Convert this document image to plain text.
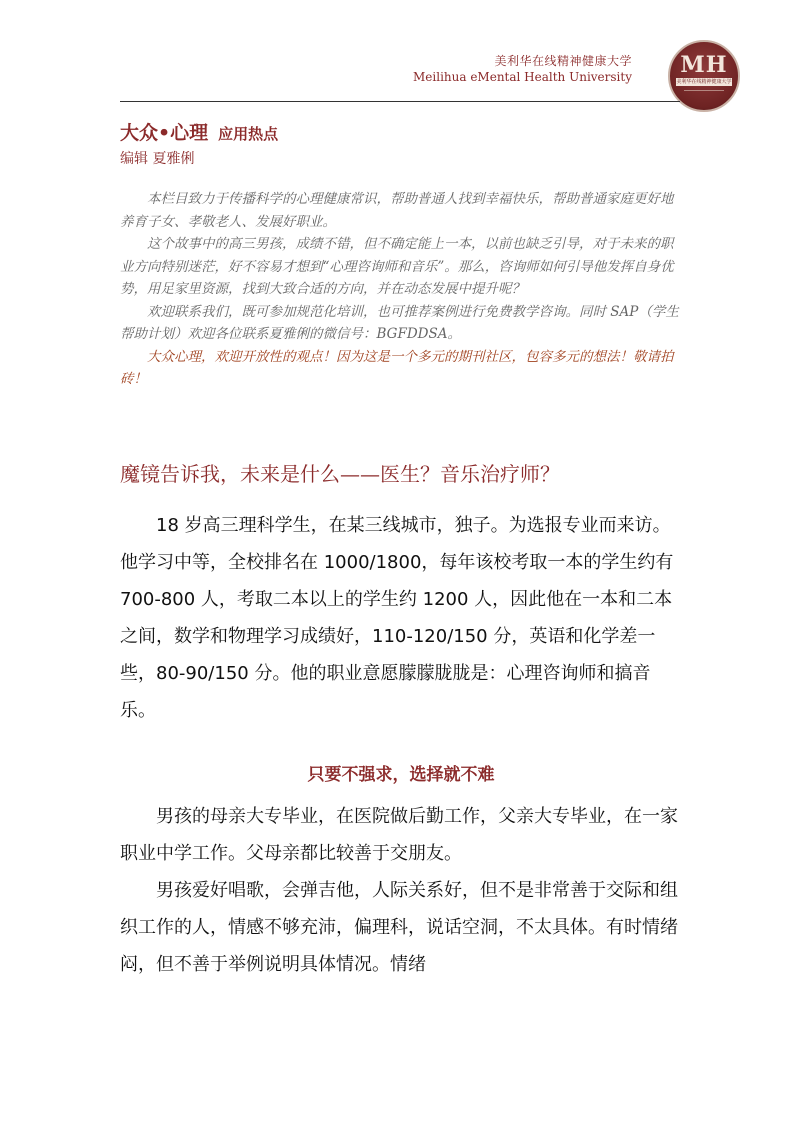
美利华在线精神健康大学
Meilihua eMental Health University	MH
美利华在线精神健康大学
大众•心理 应用热点
编辑 夏雅俐

本栏目致力于传播科学的心理健康常识，帮助普通人找到幸福快乐，帮助普通家庭更好地养育子女、孝敬老人、发展好职业。

这个故事中的高三男孩，成绩不错，但不确定能上一本，以前也缺乏引导，对于未来的职业方向特别迷茫，好不容易才想到“心理咨询师和音乐”。那么，咨询师如何引导他发挥自身优势，用足家里资源，找到大致合适的方向，并在动态发展中提升呢？

欢迎联系我们，既可参加规范化培训，也可推荐案例进行免费教学咨询。同时 SAP（学生帮助计划）欢迎各位联系夏雅俐的微信号：BGFDDSA。

大众心理，欢迎开放性的观点！因为这是一个多元的期刊社区，包容多元的想法！敬请拍砖！

魔镜告诉我，未来是什么——医生？音乐治疗师？

18 岁高三理科学生，在某三线城市，独子。为选报专业而来访。他学习中等，全校排名在 1000/1800，每年该校考取一本的学生约有 700-800 人，考取二本以上的学生约 1200 人，因此他在一本和二本之间，数学和物理学习成绩好，110-120/150 分，英语和化学差一些，80-90/150 分。他的职业意愿朦朦胧胧是：心理咨询师和搞音乐。

只要不强求，选择就不难

男孩的母亲大专毕业，在医院做后勤工作，父亲大专毕业，在一家职业中学工作。父母亲都比较善于交朋友。

男孩爱好唱歌，会弹吉他，人际关系好，但不是非常善于交际和组织工作的人，情感不够充沛，偏理科，说话空洞，不太具体。有时情绪闷，但不善于举例说明具体情况。情绪
